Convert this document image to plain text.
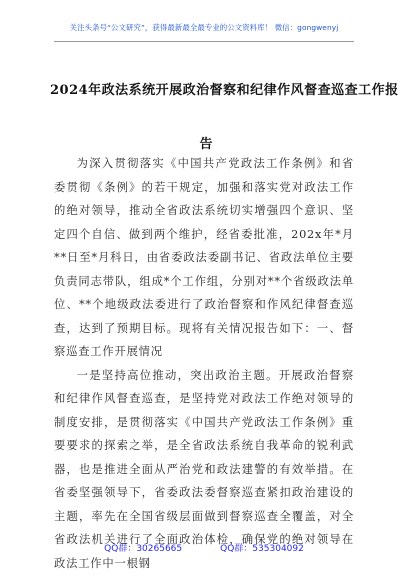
关注头条号“公文研究”，获得最新最全最专业的公文资料库！ 微信：gongwenyj
2024年政法系统开展政治督察和纪律作风督查巡查工作报
告

为深入贯彻落实《中国共产党政法工作条例》和省委贯彻《条例》的若干规定，加强和落实党对政法工作的绝对领导，推动全省政法系统切实增强四个意识、坚定四个自信、做到两个维护，经省委批准，202x年*月**日至*月科日，由省委政法委副书记、省政法单位主要负责同志带队，组成*个工作组，分别对**个省级政法单位、**个地级政法委进行了政治督察和作风纪律督查巡查，达到了预期目标。现将有关情况报告如下：一、督察巡查工作开展情况

一是坚持高位推动，突出政治主题。开展政治督察和纪律作风督查巡查，是坚持党对政法工作绝对领导的制度安排，是贯彻落实《中国共产党政法工作条例》重要要求的探索之举，是全省政法系统自我革命的锐利武器，也是推进全面从严治党和政法建警的有效举措。在省委坚强领导下，省委政法委督察巡查紧扣政治建设的主题，率先在全国省级层面做到督察巡查全覆盖，对全省政法机关进行了全面政治体检，确保党的绝对领导在政法工作中一根钢

QQ群：30265665	QQ群：535304092
